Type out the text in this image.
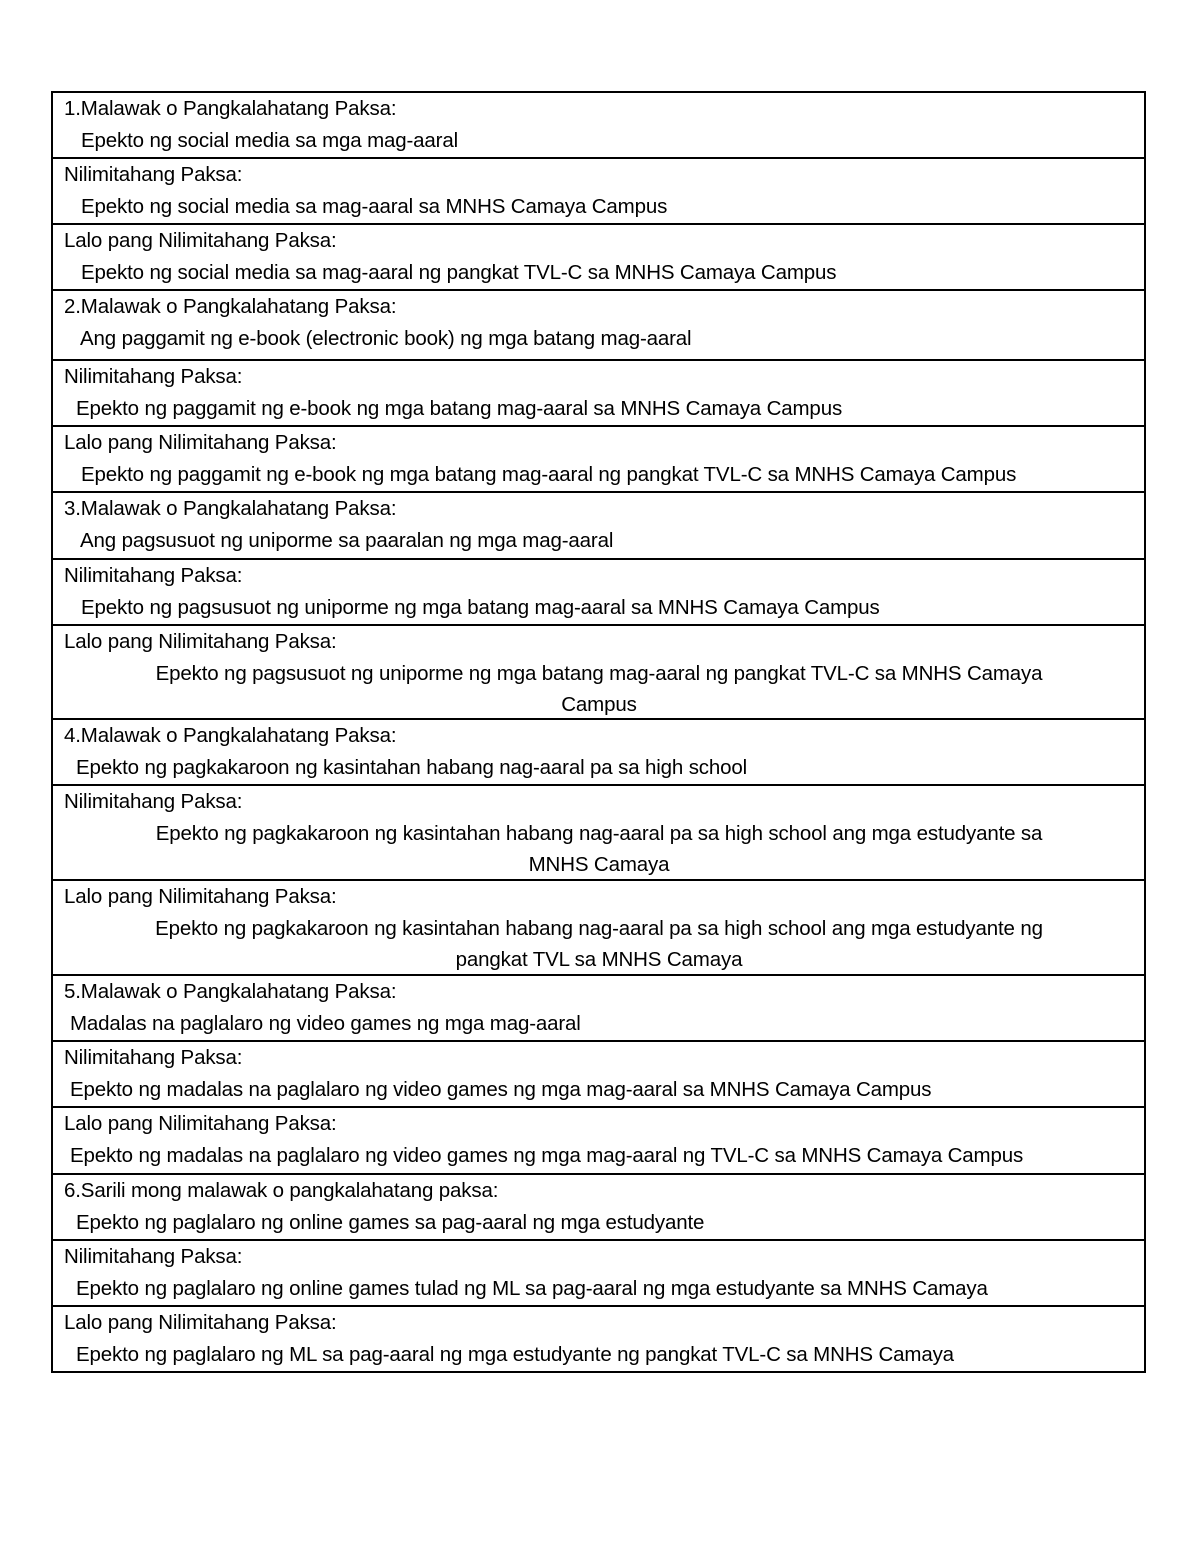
1.Malawak o Pangkalahatang Paksa:
Epekto ng social media sa mga mag-aaral
Nilimitahang Paksa:
Epekto ng social media sa mag-aaral sa MNHS Camaya Campus
Lalo pang Nilimitahang Paksa:
Epekto ng social media sa mag-aaral ng pangkat TVL-C sa MNHS Camaya Campus
2.Malawak o Pangkalahatang Paksa:
Ang paggamit ng e-book (electronic book) ng mga batang mag-aaral
Nilimitahang Paksa:
Epekto ng paggamit ng e-book ng mga batang mag-aaral sa MNHS Camaya Campus
Lalo pang Nilimitahang Paksa:
Epekto ng paggamit ng e-book ng mga batang mag-aaral ng pangkat TVL-C sa MNHS Camaya Campus
3.Malawak o Pangkalahatang Paksa:
Ang pagsusuot ng uniporme sa paaralan ng mga mag-aaral
Nilimitahang Paksa:
Epekto ng pagsusuot ng uniporme ng mga batang mag-aaral sa MNHS Camaya Campus
Lalo pang Nilimitahang Paksa:
Epekto ng pagsusuot ng uniporme ng mga batang mag-aaral ng pangkat TVL-C sa MNHS Camaya
Campus
4.Malawak o Pangkalahatang Paksa:
Epekto ng pagkakaroon ng kasintahan habang nag-aaral pa sa high school
Nilimitahang Paksa:
Epekto ng pagkakaroon ng kasintahan habang nag-aaral pa sa high school ang mga estudyante sa
MNHS Camaya
Lalo pang Nilimitahang Paksa:
Epekto ng pagkakaroon ng kasintahan habang nag-aaral pa sa high school ang mga estudyante ng
pangkat TVL sa MNHS Camaya
5.Malawak o Pangkalahatang Paksa:
Madalas na paglalaro ng video games ng mga mag-aaral
Nilimitahang Paksa:
Epekto ng madalas na paglalaro ng video games ng mga mag-aaral sa MNHS Camaya Campus
Lalo pang Nilimitahang Paksa:
Epekto ng madalas na paglalaro ng video games ng mga mag-aaral ng TVL-C sa MNHS Camaya Campus
6.Sarili mong malawak o pangkalahatang paksa:
Epekto ng paglalaro ng online games sa pag-aaral ng mga estudyante
Nilimitahang Paksa:
Epekto ng paglalaro ng online games tulad ng ML sa pag-aaral ng mga estudyante sa MNHS Camaya
Lalo pang Nilimitahang Paksa:
Epekto ng paglalaro ng ML sa pag-aaral ng mga estudyante ng pangkat TVL-C sa MNHS Camaya
